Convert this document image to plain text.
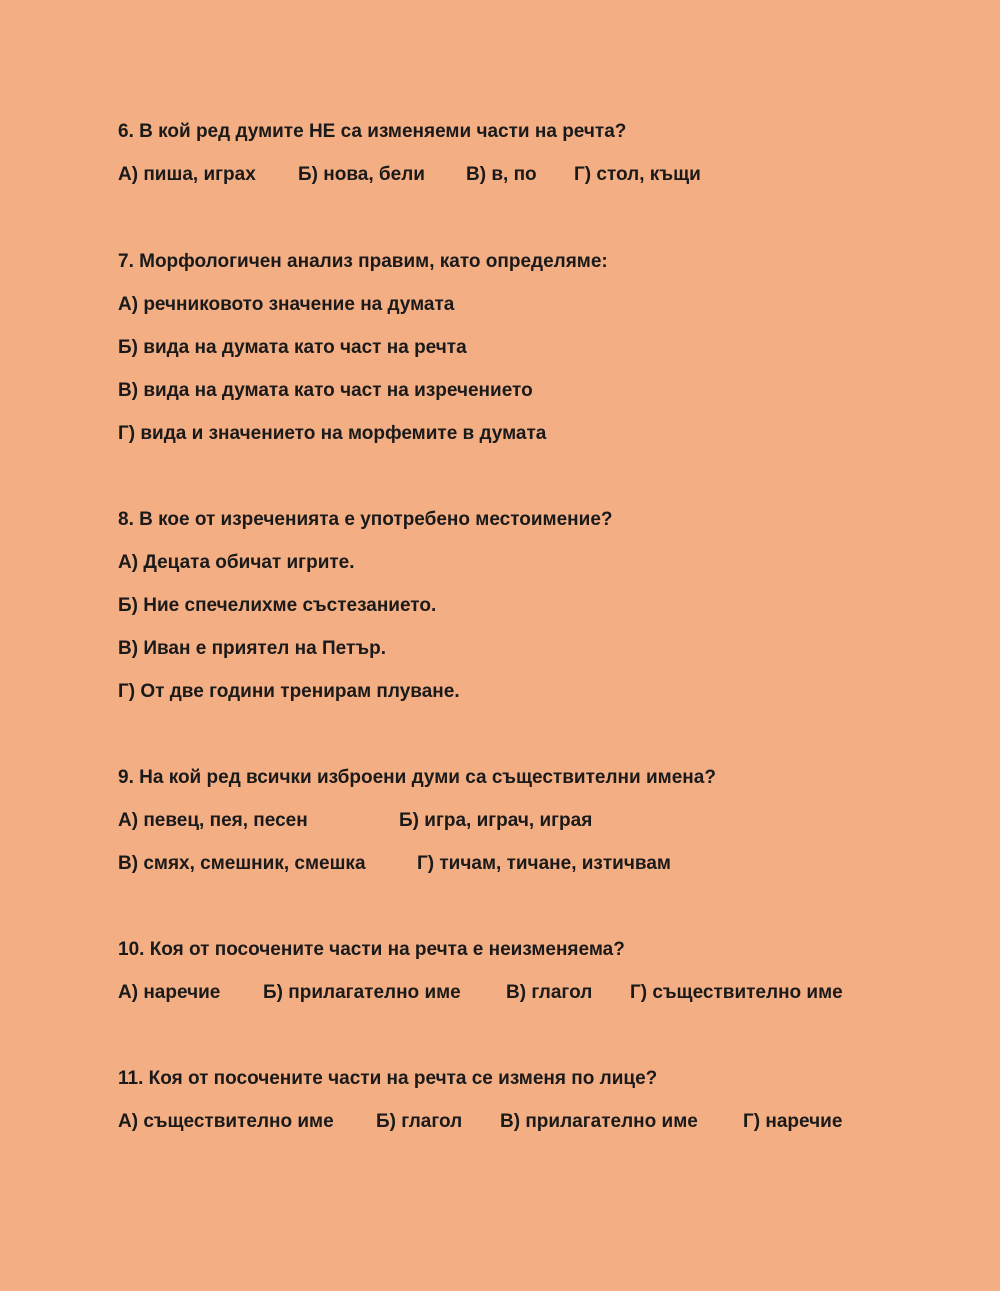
6. В кой ред думите НЕ са изменяеми части на речта?
А) пиша, играх	Б) нова, бели	В) в, по	Г) стол, къщи
7. Морфологичен анализ правим, като определяме:
А) речниковото значение на думата
Б) вида на думата като част на речта
В) вида на думата като част на изречението
Г) вида и значението на морфемите в думата
8. В кое от изреченията е употребено местоимение?
А) Децата обичат игрите.
Б) Ние спечелихме състезанието.
В) Иван е приятел на Петър.
Г) От две години тренирам плуване.
9. На кой ред всички изброени думи са съществителни имена?
А) певец, пея, песен	Б) игра, играч, играя
В) смях, смешник, смешка	Г) тичам, тичане, изтичвам
10. Коя от посочените части на речта е неизменяема?
А) наречие	Б) прилагателно име	В) глагол	Г) съществително име
11. Коя от посочените части на речта се изменя по лице?
А) съществително име	Б) глагол	В) прилагателно име	Г) наречие
